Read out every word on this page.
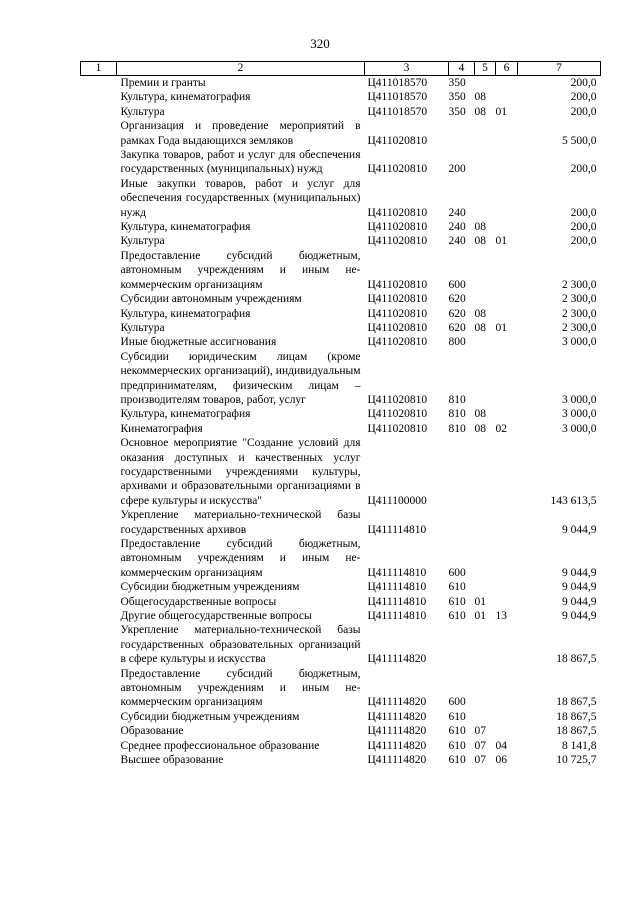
320
1	2	3	4	5	6	7
	Премии и гранты	Ц411018570	350			200,0
	Культура, кинематография	Ц411018570	350	08		200,0
	Культура	Ц411018570	350	08	01	200,0
	Организация и проведение мероприятий в рамках Года выдающихся земляков	Ц411020810				5 500,0
	Закупка товаров, работ и услуг для обеспечения государственных (муниципальных) нужд	Ц411020810	200			200,0
	Иные закупки товаров, работ и услуг для обеспечения государственных (муниципальных) нужд	Ц411020810	240			200,0
	Культура, кинематография	Ц411020810	240	08		200,0
	Культура	Ц411020810	240	08	01	200,0
	Предоставление субсидий бюджетным, автономным учреждениям и иным некоммерческим организациям	Ц411020810	600			2 300,0
	Субсидии автономным учреждениям	Ц411020810	620			2 300,0
	Культура, кинематография	Ц411020810	620	08		2 300,0
	Культура	Ц411020810	620	08	01	2 300,0
	Иные бюджетные ассигнования	Ц411020810	800			3 000,0
	Субсидии юридическим лицам (кроме некоммерческих организаций), индивидуальным предпринимателям, физическим лицам – производителям товаров, работ, услуг	Ц411020810	810			3 000,0
	Культура, кинематография	Ц411020810	810	08		3 000,0
	Кинематография	Ц411020810	810	08	02	3 000,0
	Основное мероприятие "Создание условий для оказания доступных и качественных услуг государственными учреждениями культуры, архивами и образовательными организациями в сфере культуры и искусства"	Ц411100000				143 613,5
	Укрепление материально-технической базы государственных архивов	Ц411114810				9 044,9
	Предоставление субсидий бюджетным, автономным учреждениям и иным некоммерческим организациям	Ц411114810	600			9 044,9
	Субсидии бюджетным учреждениям	Ц411114810	610			9 044,9
	Общегосударственные вопросы	Ц411114810	610	01		9 044,9
	Другие общегосударственные вопросы	Ц411114810	610	01	13	9 044,9
	Укрепление материально-технической базы государственных образовательных организаций в сфере культуры и искусства	Ц411114820				18 867,5
	Предоставление субсидий бюджетным, автономным учреждениям и иным некоммерческим организациям	Ц411114820	600			18 867,5
	Субсидии бюджетным учреждениям	Ц411114820	610			18 867,5
	Образование	Ц411114820	610	07		18 867,5
	Среднее профессиональное образование	Ц411114820	610	07	04	8 141,8
	Высшее образование	Ц411114820	610	07	06	10 725,7
